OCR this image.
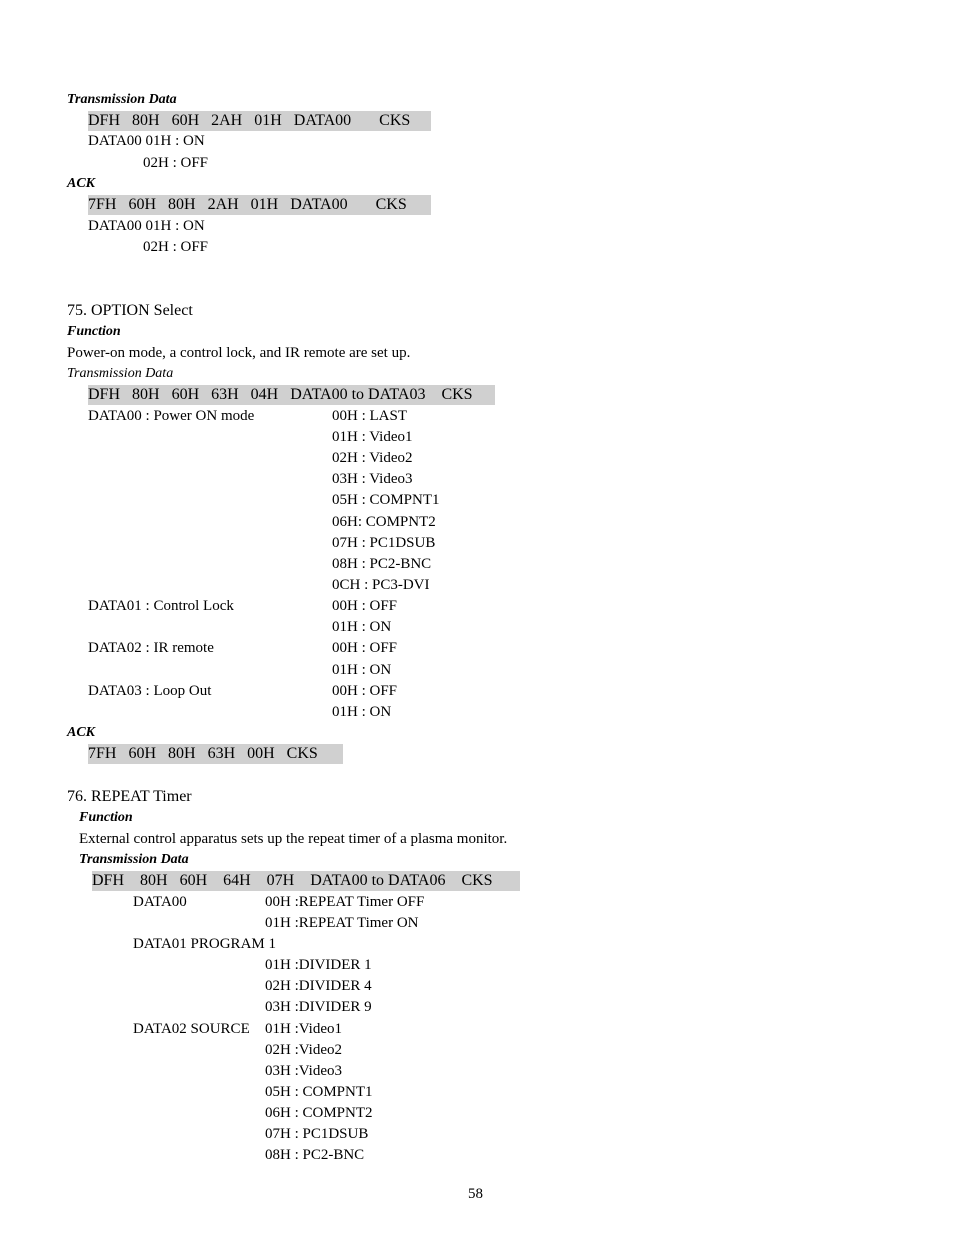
Transmission Data
DFH   80H   60H   2AH   01H   DATA00       CKS
DATA00 01H : ON
02H : OFF
ACK
7FH   60H   80H   2AH   01H   DATA00       CKS
DATA00 01H : ON
02H : OFF
75. OPTION Select
Function
Power-on mode, a control lock, and IR remote are set up.
Transmission Data
DFH   80H   60H   63H   04H   DATA00 to DATA03    CKS
DATA00 : Power ON mode	00H : LAST
01H : Video1
02H : Video2
03H : Video3
05H : COMPNT1
06H: COMPNT2
07H : PC1DSUB
08H : PC2-BNC
0CH : PC3-DVI
DATA01 : Control Lock	00H : OFF
01H : ON
DATA02 : IR remote	00H : OFF
01H : ON
DATA03 : Loop Out	00H : OFF
01H : ON
ACK
7FH   60H   80H   63H   00H   CKS
76. REPEAT Timer
Function
External control apparatus sets up the repeat timer of a plasma monitor.
Transmission Data
DFH    80H   60H    64H    07H    DATA00 to DATA06    CKS
DATA00	00H :REPEAT Timer OFF
01H :REPEAT Timer ON
DATA01 PROGRAM 1
01H :DIVIDER 1
02H :DIVIDER 4
03H :DIVIDER 9
DATA02 SOURCE 01H :Video1
02H :Video2
03H :Video3
05H : COMPNT1
06H : COMPNT2
07H : PC1DSUB
08H : PC2-BNC
58
